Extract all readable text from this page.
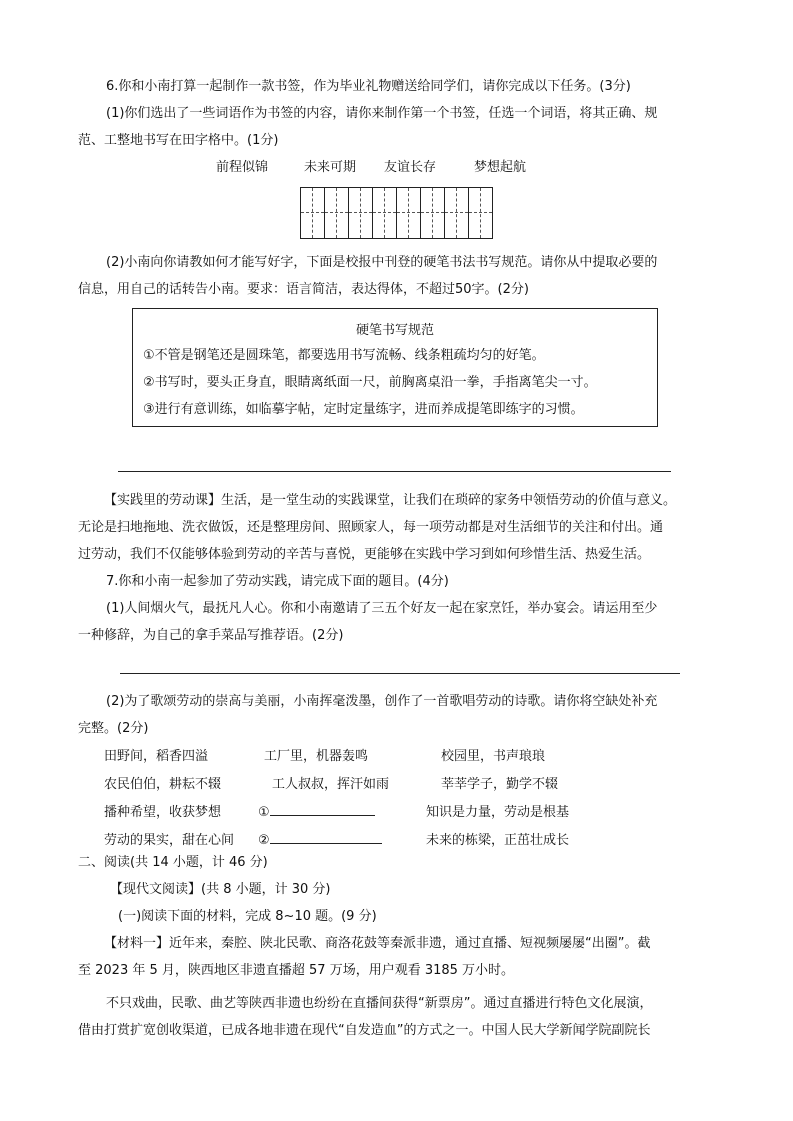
6.你和小南打算一起制作一款书签，作为毕业礼物赠送给同学们，请你完成以下任务。(3分)
(1)你们选出了一些词语作为书签的内容，请你来制作第一个书签，任选一个词语，将其正确、规
范、工整地书写在田字格中。(1分)
前程似锦	未来可期 友谊长存	梦想起航
(2)小南向你请教如何才能写好字，下面是校报中刊登的硬笔书法书写规范。请你从中提取必要的
信息，用自己的话转告小南。要求：语言简洁，表达得体，不超过50字。(2分)
硬笔书写规范
①不管是钢笔还是圆珠笔，都要选用书写流畅、线条粗疏均匀的好笔。
②书写时，要头正身直，眼睛离纸面一尺，前胸离桌沿一拳，手指离笔尖一寸。
③进行有意训练，如临摹字帖，定时定量练字，进而养成提笔即练字的习惯。
【实践里的劳动课】生活，是一堂生动的实践课堂，让我们在琐碎的家务中领悟劳动的价值与意义。
无论是扫地拖地、洗衣做饭，还是整理房间、照顾家人，每一项劳动都是对生活细节的关注和付出。通
过劳动，我们不仅能够体验到劳动的辛苦与喜悦，更能够在实践中学习到如何珍惜生活、热爱生活。
7.你和小南一起参加了劳动实践，请完成下面的题目。(4分)
(1)人间烟火气，最抚凡人心。你和小南邀请了三五个好友一起在家烹饪，举办宴会。请运用至少
一种修辞，为自己的拿手菜品写推荐语。(2分)
(2)为了歌颂劳动的崇高与美丽，小南挥毫泼墨，创作了一首歌唱劳动的诗歌。请你将空缺处补充
完整。(2分)
田野间，稻香四溢	工厂里，机器轰鸣	校园里，书声琅琅
农民伯伯，耕耘不辍	工人叔叔，挥汗如雨	莘莘学子，勤学不辍
播种希望，收获梦想	①	知识是力量，劳动是根基
劳动的果实，甜在心间 ②	未来的栋梁，正茁壮成长
二、阅读(共 14 小题，计 46 分)
【现代文阅读】(共 8 小题，计 30 分)
(一)阅读下面的材料，完成 8~10 题。(9 分)
【材料一】近年来，秦腔、陕北民歌、商洛花鼓等秦派非遗，通过直播、短视频屡屡“出圈”。截
至 2023 年 5 月，陕西地区非遗直播超 57 万场，用户观看 3185 万小时。
不只戏曲，民歌、曲艺等陕西非遗也纷纷在直播间获得“新票房”。通过直播进行特色文化展演，
借由打赏扩宽创收渠道，已成各地非遗在现代“自发造血”的方式之一。中国人民大学新闻学院副院长
